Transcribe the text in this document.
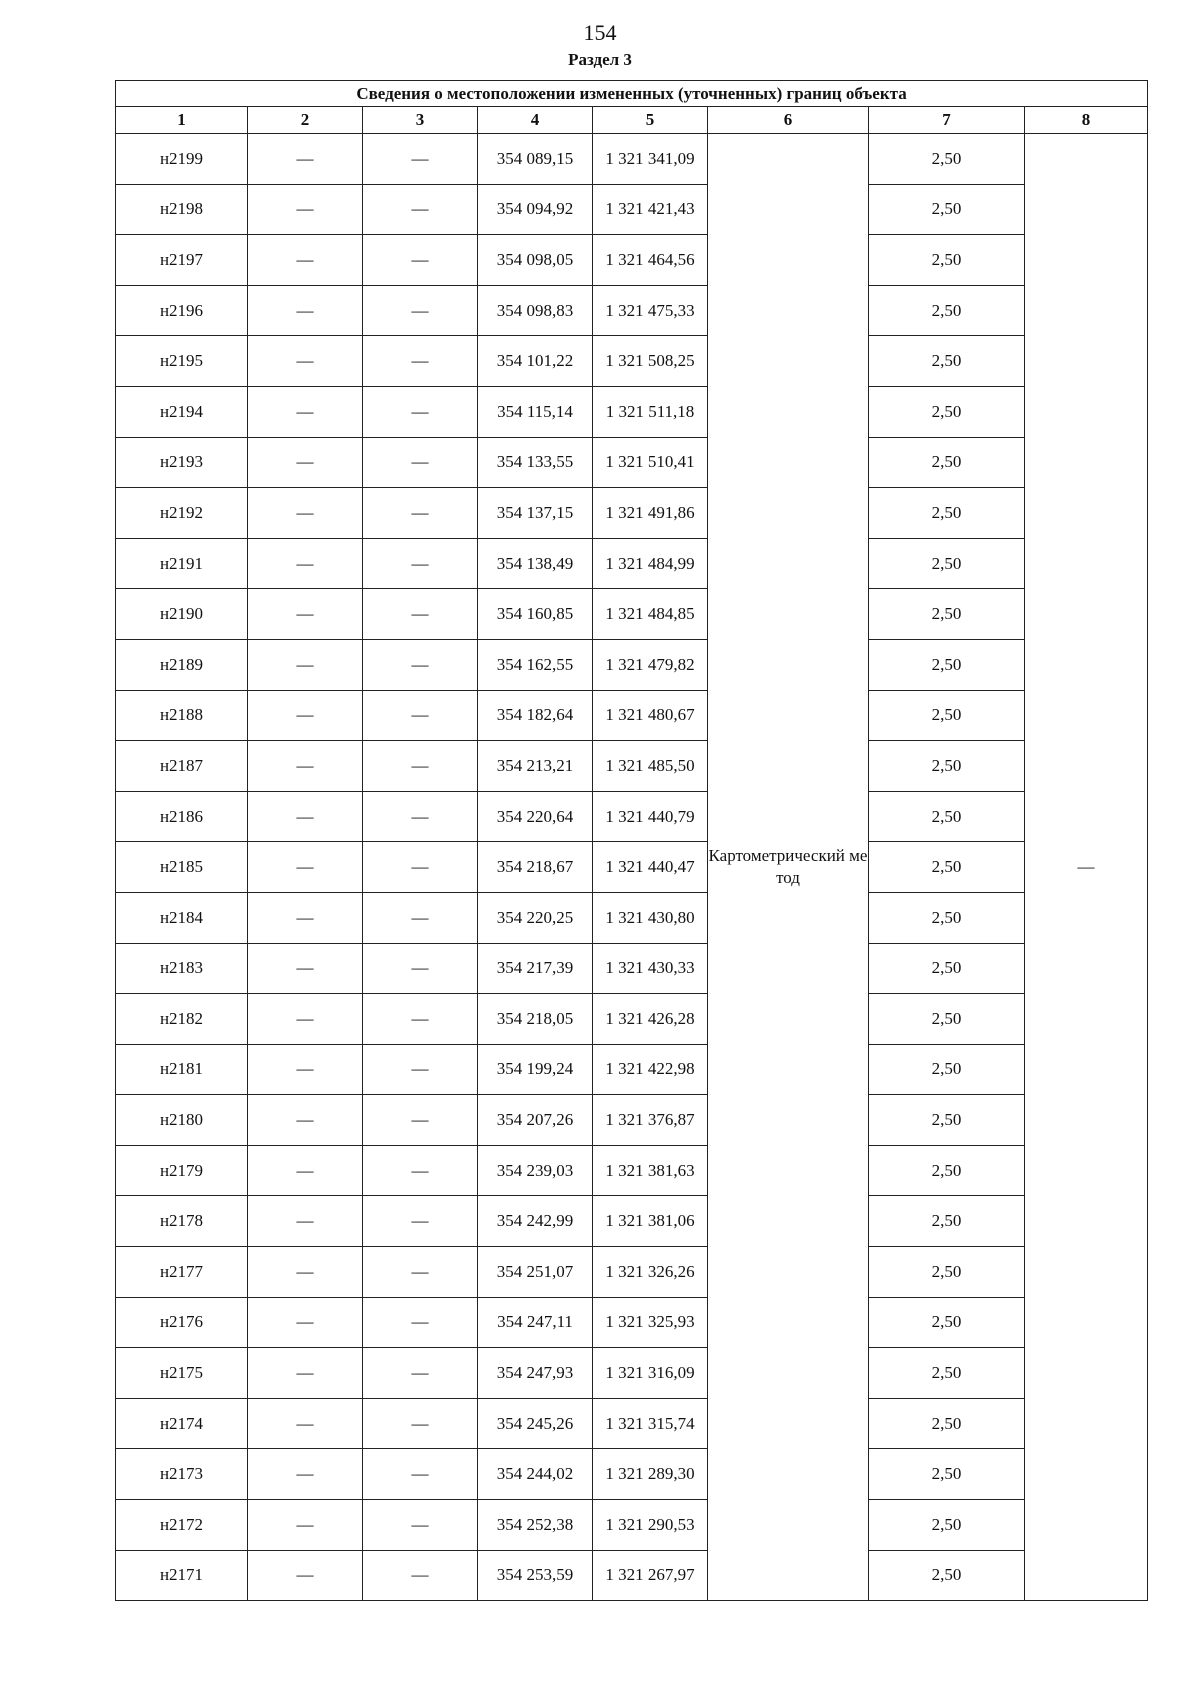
154
Раздел 3
Сведения о местоположении измененных (уточненных) границ объекта							
1	2	3	4	5	6	7	8
н2199	—	—	354 089,15	1 321 341,09	Картометрический метод	2,50	—
н2198	—	—	354 094,92	1 321 421,43		2,50	
н2197	—	—	354 098,05	1 321 464,56		2,50	
н2196	—	—	354 098,83	1 321 475,33		2,50	
н2195	—	—	354 101,22	1 321 508,25		2,50	
н2194	—	—	354 115,14	1 321 511,18		2,50	
н2193	—	—	354 133,55	1 321 510,41		2,50	
н2192	—	—	354 137,15	1 321 491,86		2,50	
н2191	—	—	354 138,49	1 321 484,99		2,50	
н2190	—	—	354 160,85	1 321 484,85		2,50	
н2189	—	—	354 162,55	1 321 479,82		2,50	
н2188	—	—	354 182,64	1 321 480,67		2,50	
н2187	—	—	354 213,21	1 321 485,50		2,50	
н2186	—	—	354 220,64	1 321 440,79		2,50	
н2185	—	—	354 218,67	1 321 440,47		2,50	
н2184	—	—	354 220,25	1 321 430,80		2,50	
н2183	—	—	354 217,39	1 321 430,33		2,50	
н2182	—	—	354 218,05	1 321 426,28		2,50	
н2181	—	—	354 199,24	1 321 422,98		2,50	
н2180	—	—	354 207,26	1 321 376,87		2,50	
н2179	—	—	354 239,03	1 321 381,63		2,50	
н2178	—	—	354 242,99	1 321 381,06		2,50	
н2177	—	—	354 251,07	1 321 326,26		2,50	
н2176	—	—	354 247,11	1 321 325,93		2,50	
н2175	—	—	354 247,93	1 321 316,09		2,50	
н2174	—	—	354 245,26	1 321 315,74		2,50	
н2173	—	—	354 244,02	1 321 289,30		2,50	
н2172	—	—	354 252,38	1 321 290,53		2,50	
н2171	—	—	354 253,59	1 321 267,97		2,50	
